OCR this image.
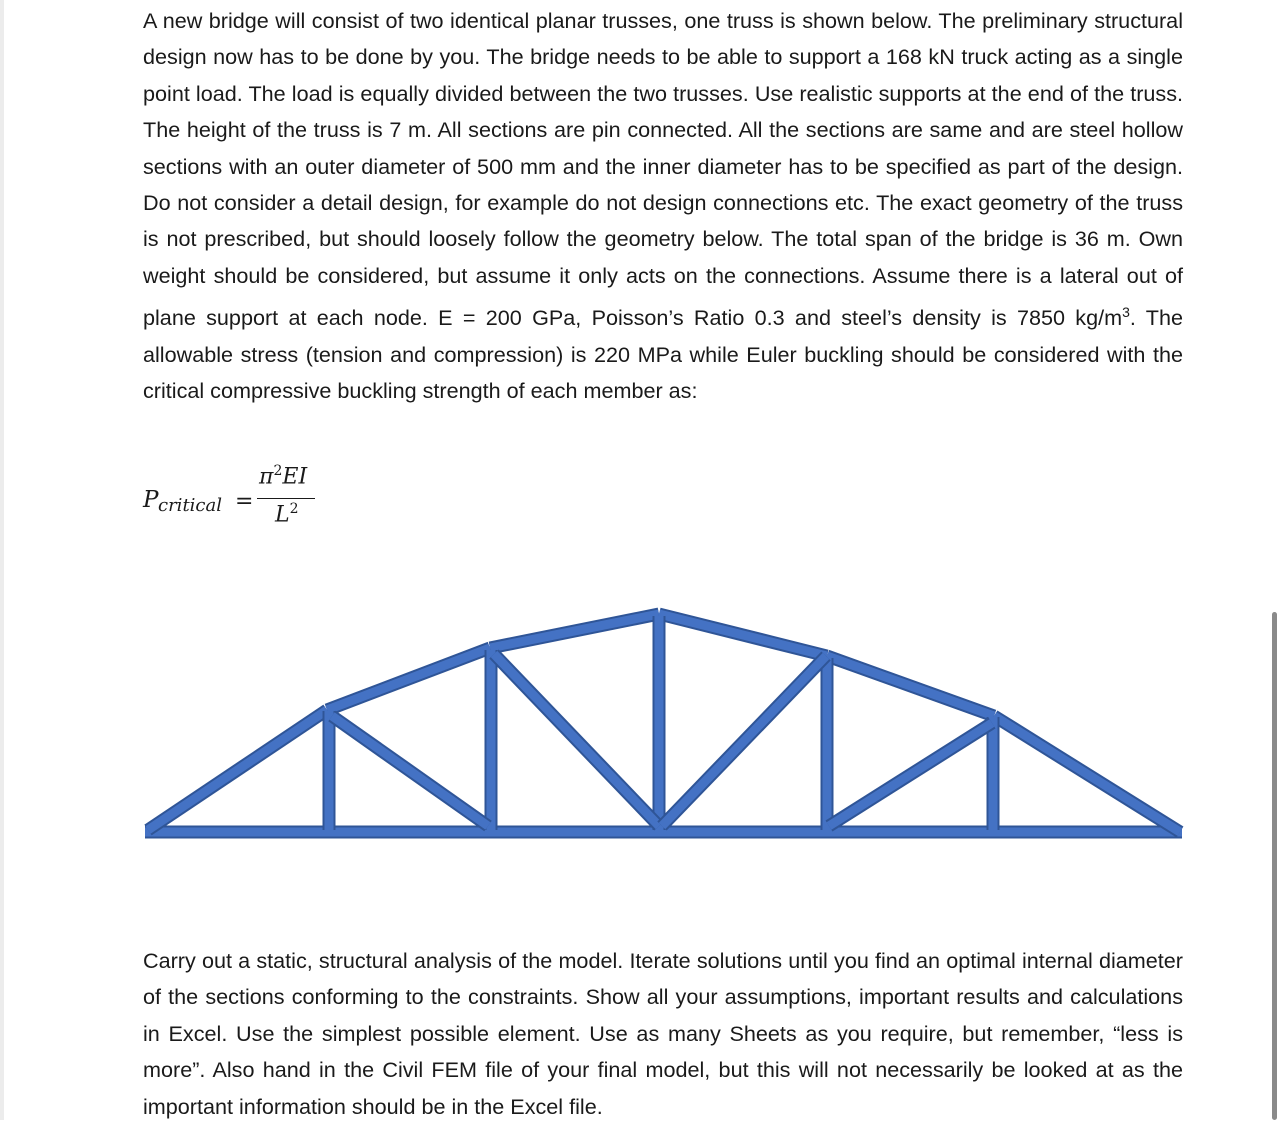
A new bridge will consist of two identical planar trusses, one truss is shown below. The preliminary structural design now has to be done by you. The bridge needs to be able to support a 168 kN truck acting as a single point load. The load is equally divided between the two trusses. Use realistic supports at the end of the truss. The height of the truss is 7 m. All sections are pin connected. All the sections are same and are steel hollow sections with an outer diameter of 500 mm and the inner diameter has to be specified as part of the design. Do not consider a detail design, for example do not design connections etc. The exact geometry of the truss is not prescribed, but should loosely follow the geometry below. The total span of the bridge is 36 m. Own weight should be considered, but assume it only acts on the connections. Assume there is a lateral out of plane support at each node. E = 200 GPa, Poisson’s Ratio 0.3 and steel’s density is 7850 $kg/m^3$. The allowable stress (tension and compression) is 220 MPa while Euler buckling should be considered with the critical compressive buckling strength of each member as:

P critical =
$\pi^2EI$
$L^2$

Carry out a static, structural analysis of the model. Iterate solutions until you find an optimal internal diameter of the sections conforming to the constraints. Show all your assumptions, important results and calculations in Excel. Use the simplest possible element. Use as many Sheets as you require, but remember, “less is more”. Also hand in the Civil FEM file of your final model, but this will not necessarily be looked at as the important information should be in the Excel file.
